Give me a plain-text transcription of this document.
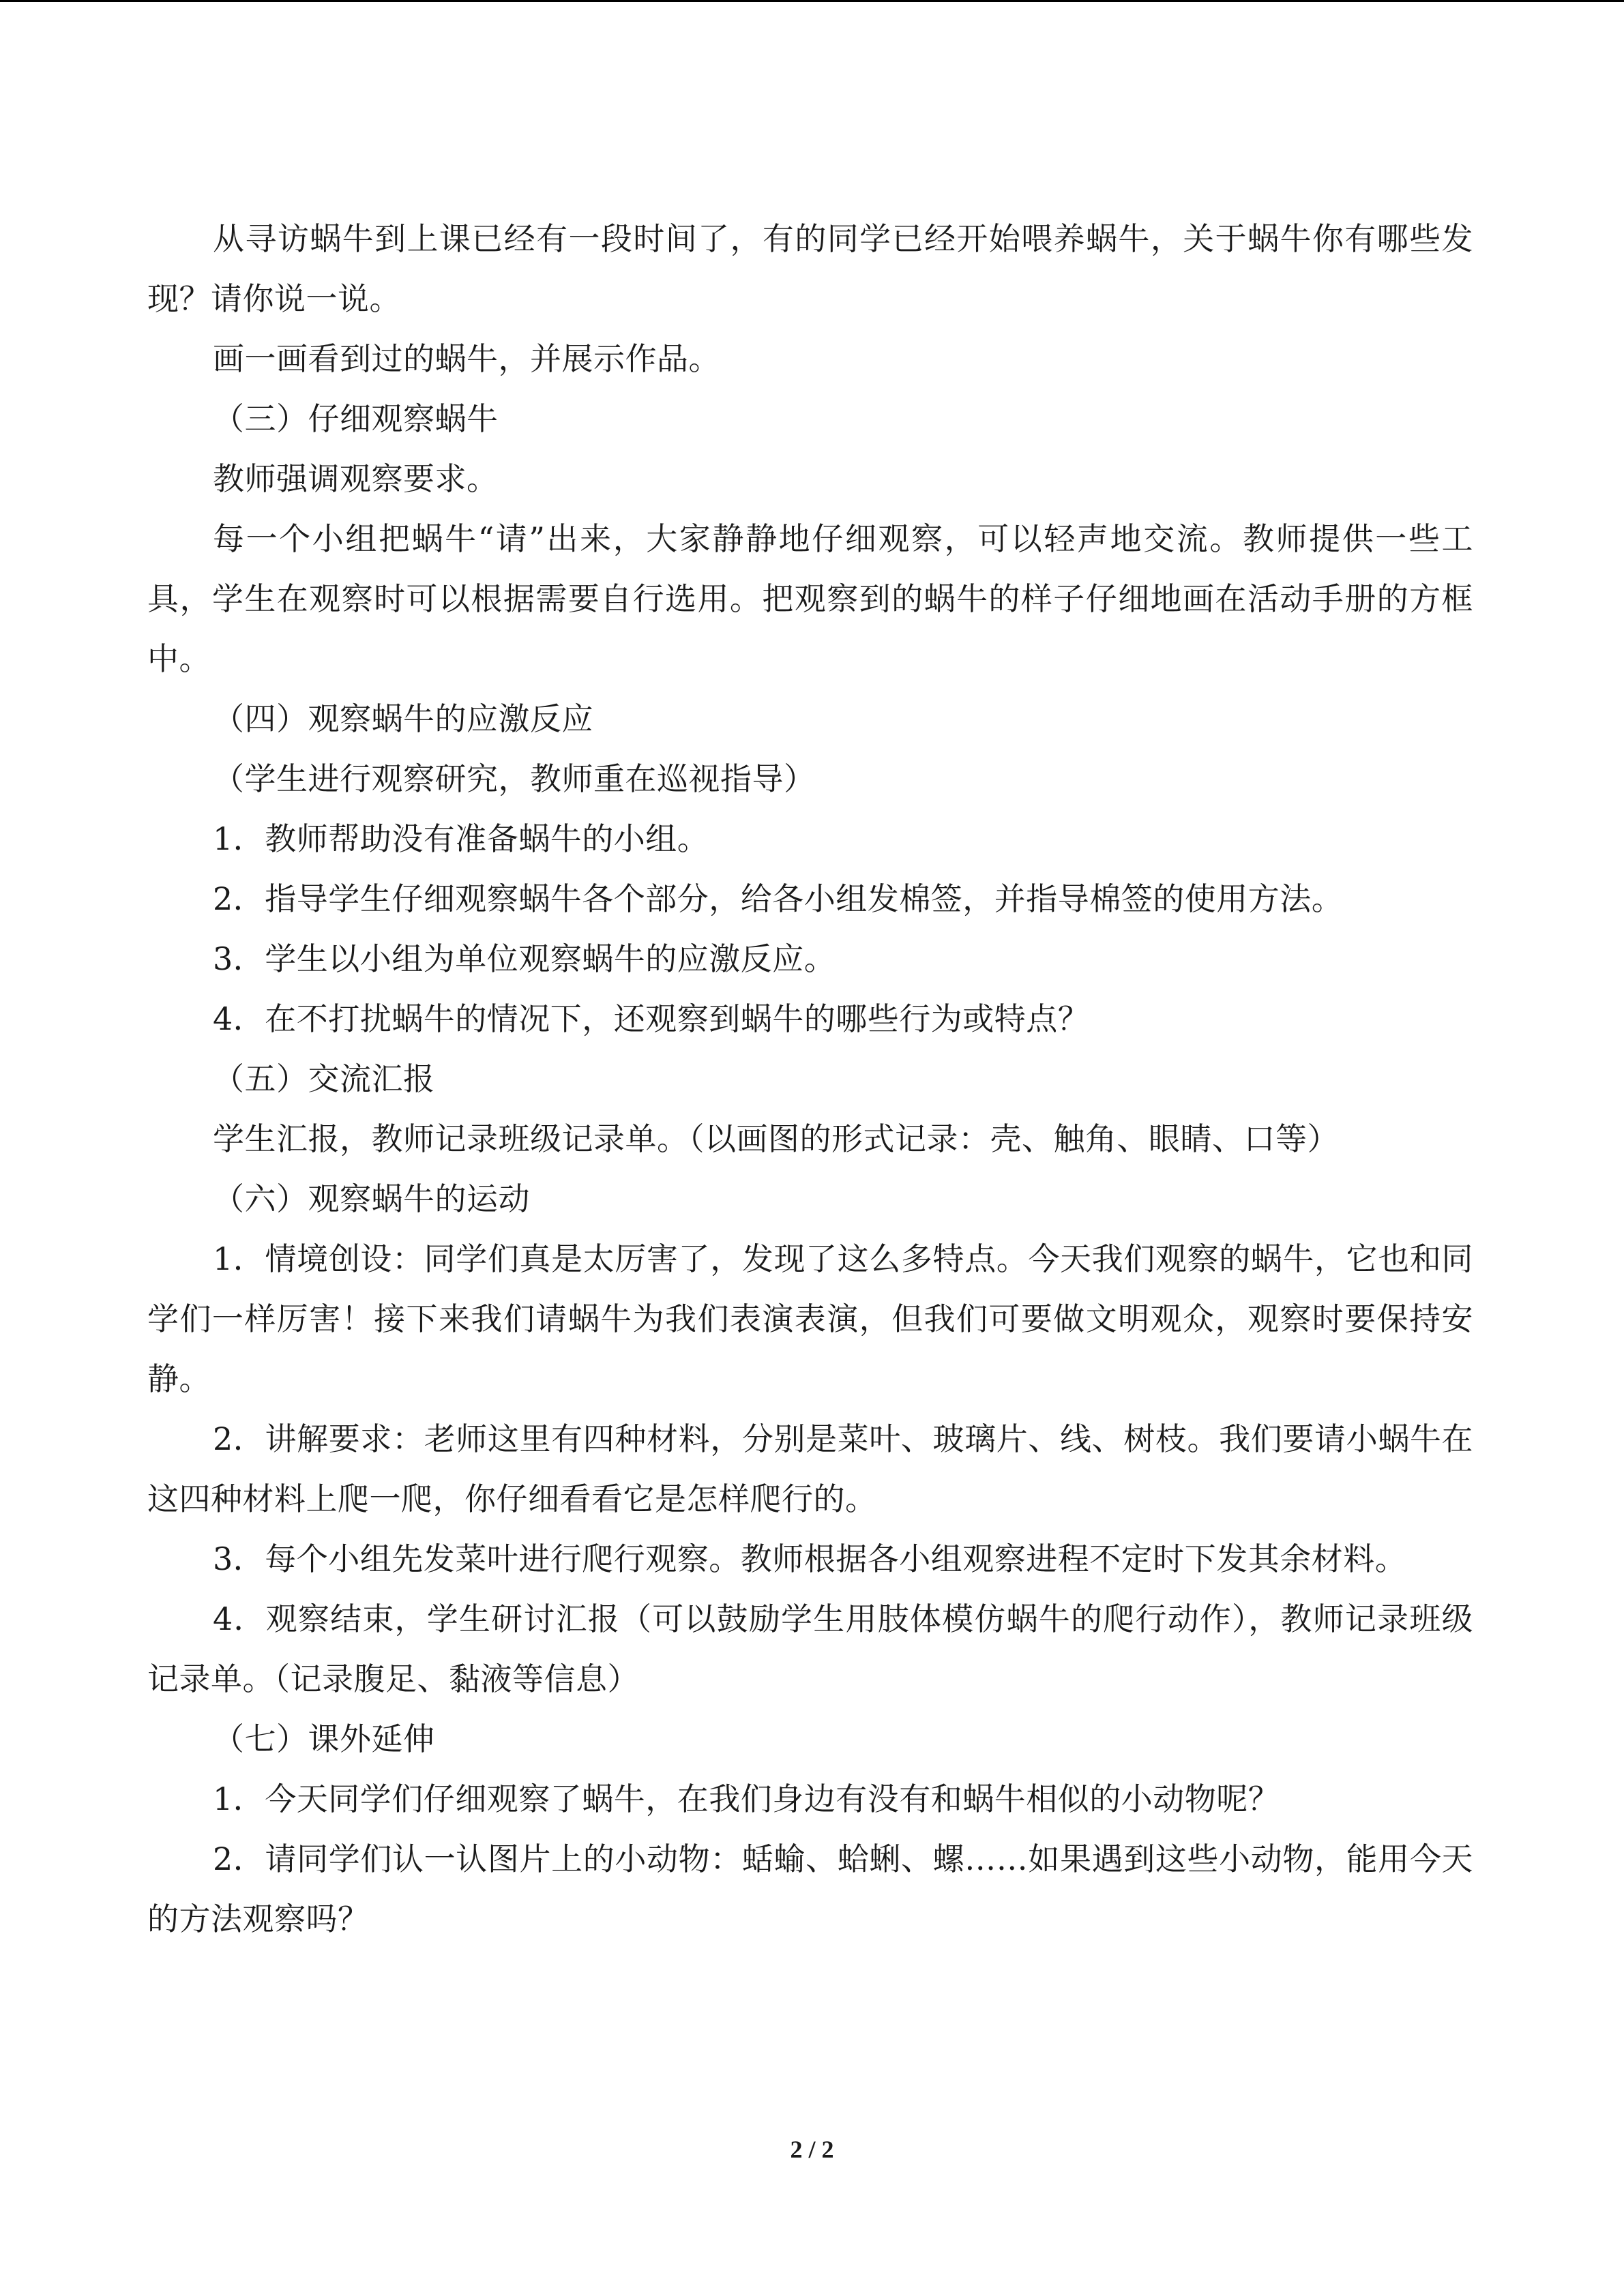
从寻访蜗牛到上课已经有一段时间了，有的同学已经开始喂养蜗牛，关于蜗牛你有哪些发现？请你说一说。

画一画看到过的蜗牛，并展示作品。

（三）仔细观察蜗牛

教师强调观察要求。

每一个小组把蜗牛“请”出来，大家静静地仔细观察，可以轻声地交流。教师提供一些工具，学生在观察时可以根据需要自行选用。把观察到的蜗牛的样子仔细地画在活动手册的方框中。

（四）观察蜗牛的应激反应

（学生进行观察研究，教师重在巡视指导）

1．教师帮助没有准备蜗牛的小组。

2．指导学生仔细观察蜗牛各个部分，给各小组发棉签，并指导棉签的使用方法。

3．学生以小组为单位观察蜗牛的应激反应。

4．在不打扰蜗牛的情况下，还观察到蜗牛的哪些行为或特点？

（五）交流汇报

学生汇报，教师记录班级记录单。（以画图的形式记录：壳、触角、眼睛、口等）

（六）观察蜗牛的运动

1．情境创设：同学们真是太厉害了，发现了这么多特点。今天我们观察的蜗牛，它也和同学们一样厉害！接下来我们请蜗牛为我们表演表演，但我们可要做文明观众，观察时要保持安静。

2．讲解要求：老师这里有四种材料，分别是菜叶、玻璃片、线、树枝。我们要请小蜗牛在这四种材料上爬一爬，你仔细看看它是怎样爬行的。

3．每个小组先发菜叶进行爬行观察。教师根据各小组观察进程不定时下发其余材料。

4．观察结束，学生研讨汇报（可以鼓励学生用肢体模仿蜗牛的爬行动作），教师记录班级记录单。（记录腹足、黏液等信息）

（七）课外延伸

1．今天同学们仔细观察了蜗牛，在我们身边有没有和蜗牛相似的小动物呢？

2．请同学们认一认图片上的小动物：蛞蝓、蛤蜊、螺……如果遇到这些小动物，能用今天的方法观察吗？

2 / 2
